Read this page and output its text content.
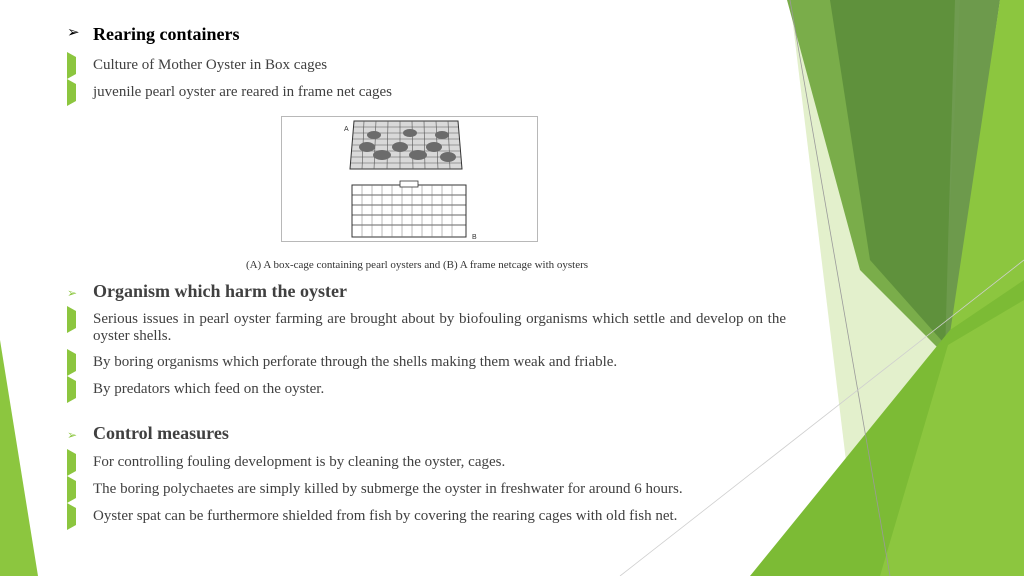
➢ Rearing containers
Culture of Mother Oyster in Box cages
juvenile pearl oyster are reared in frame net cages
A
B
(A) A box-cage containing pearl oysters and (B) A frame netcage with oysters
➢ Organism which harm the oyster
Serious issues in pearl oyster farming are brought about by biofouling organisms which settle and develop on the oyster shells.
By boring organisms which perforate through the shells making them weak and friable.
By predators which feed on the oyster.
➢ Control measures
For controlling fouling development is by cleaning the oyster, cages.
The boring polychaetes are simply killed by submerge the oyster in freshwater for around 6 hours.
Oyster spat can be furthermore shielded from fish by covering the rearing cages with old fish net.
